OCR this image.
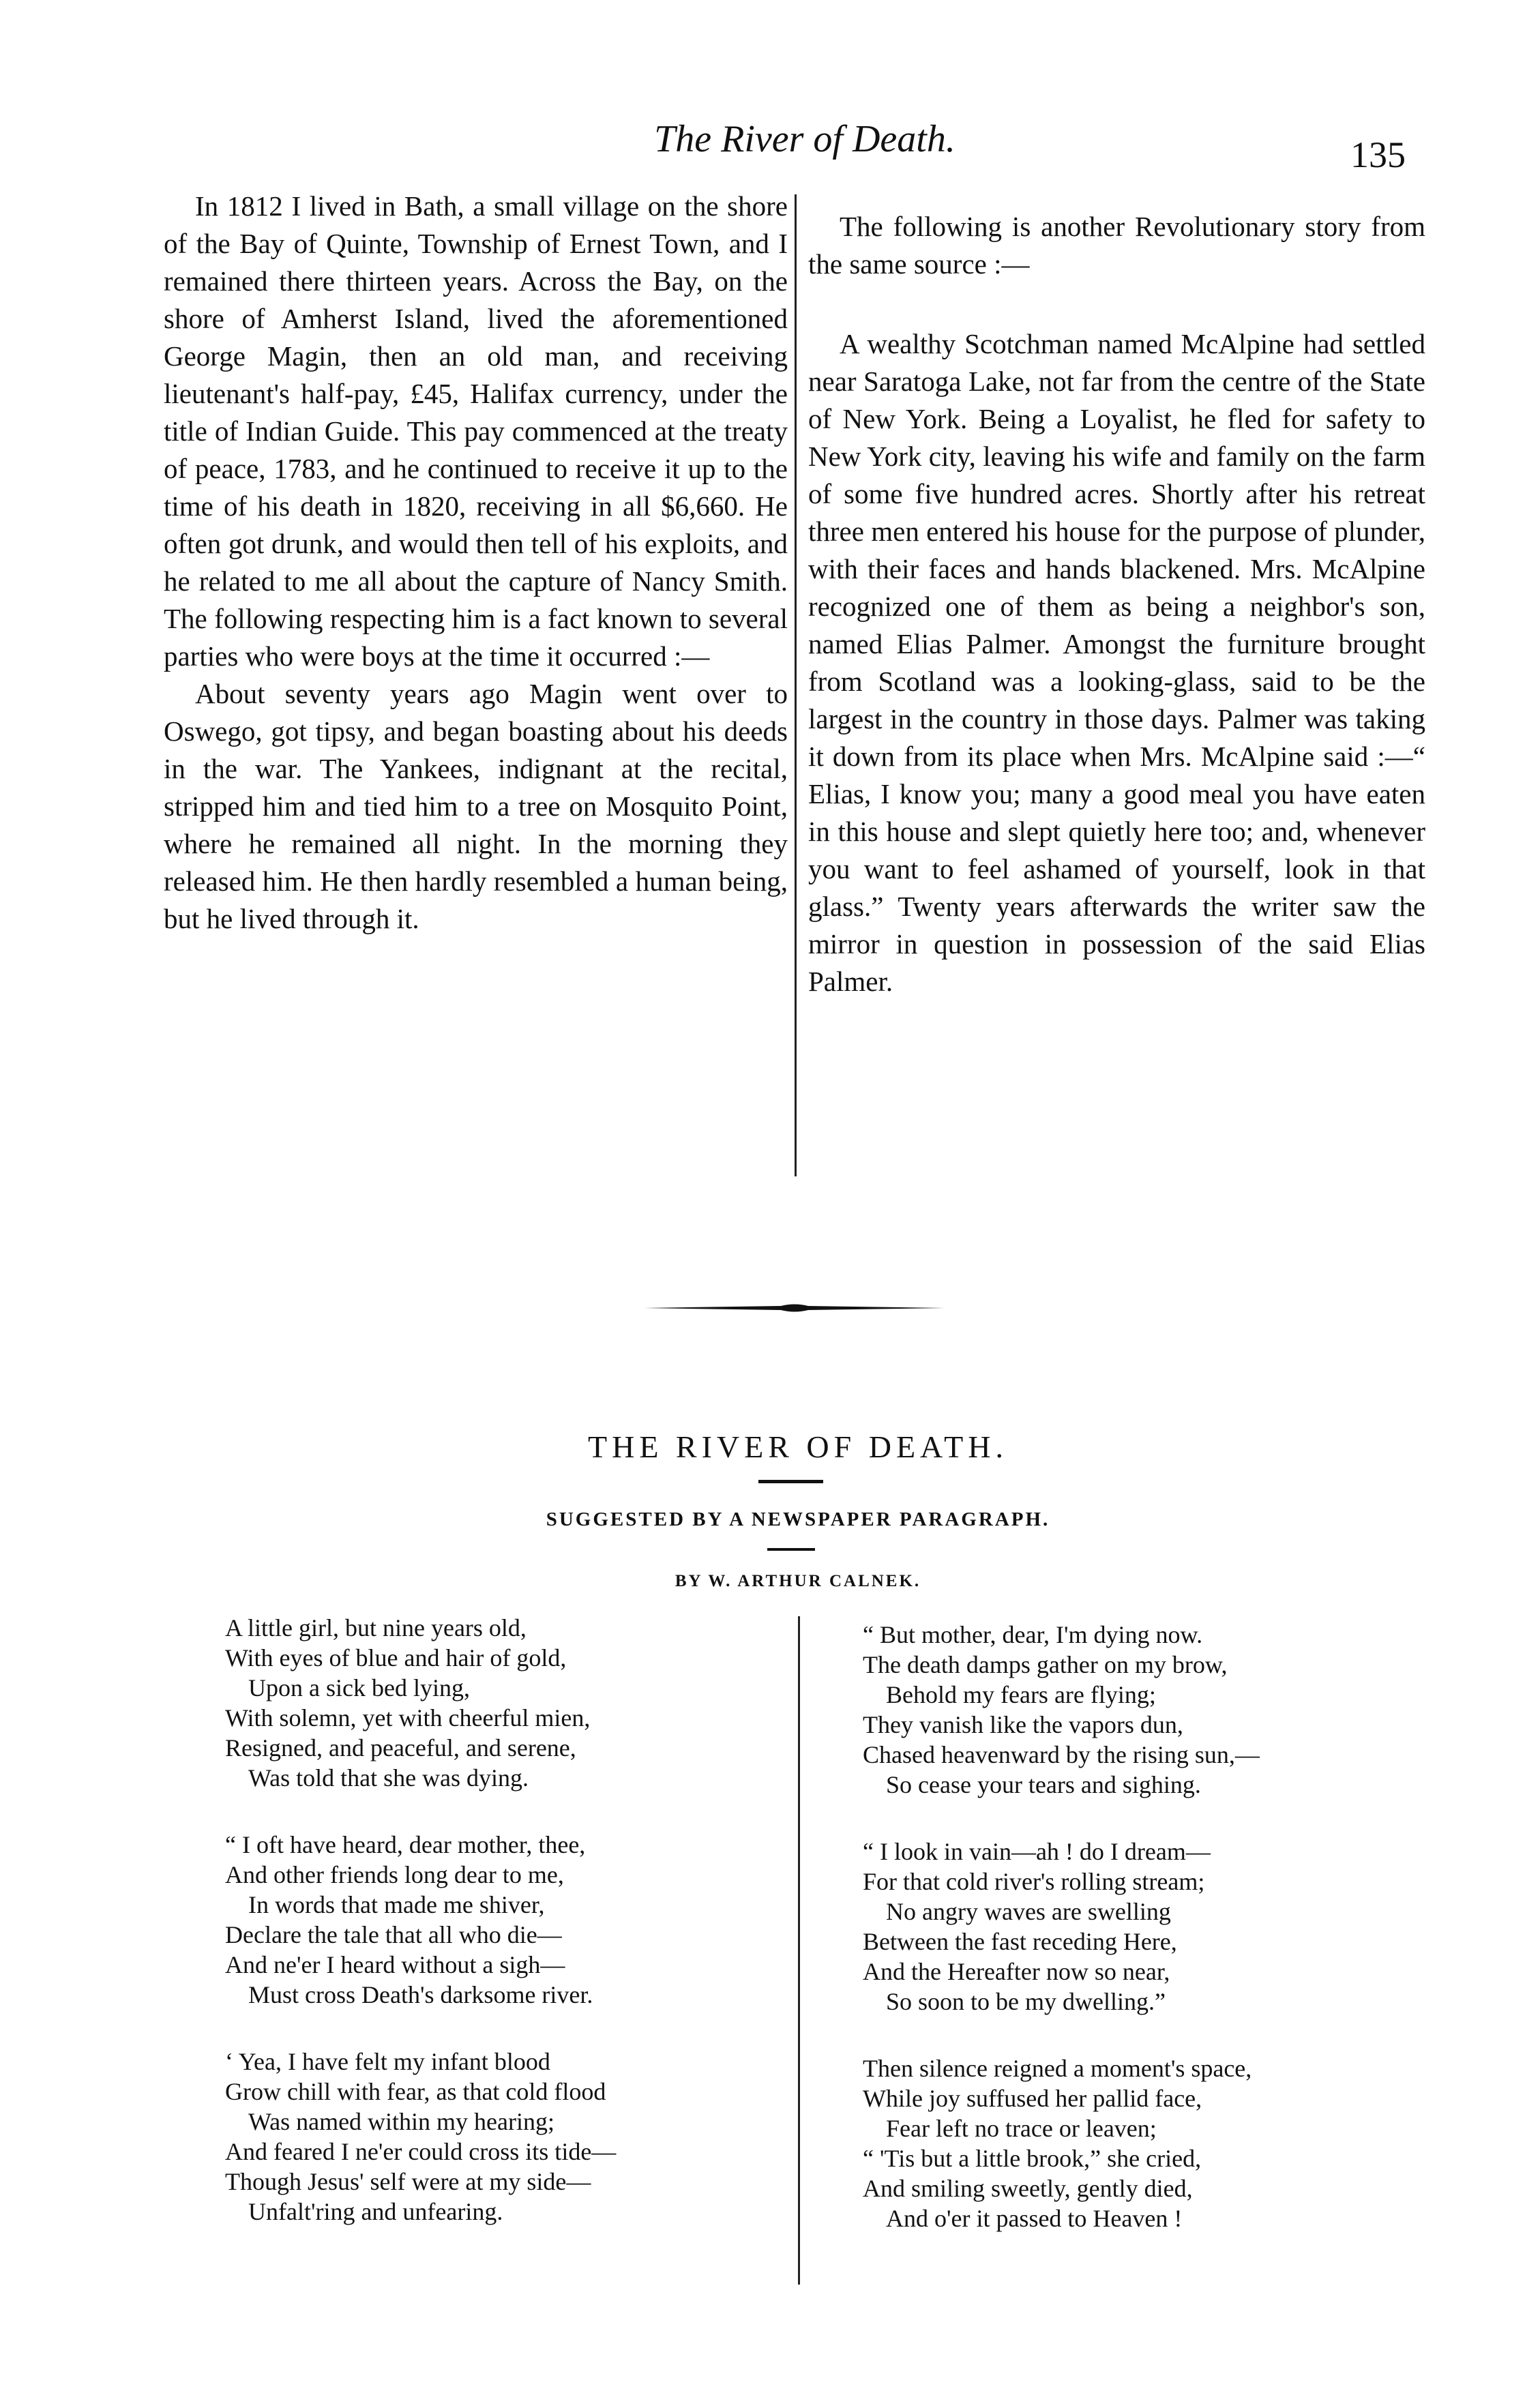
The River of Death.	135

In 1812 I lived in Bath, a small village on the shore of the Bay of Quinte, Township of Ernest Town, and I remained there thirteen years. Across the Bay, on the shore of Amherst Island, lived the aforementioned George Magin, then an old man, and receiving lieutenant's half-pay, £45, Halifax currency, under the title of Indian Guide. This pay commenced at the treaty of peace, 1783, and he continued to receive it up to the time of his death in 1820, receiving in all $6,660. He often got drunk, and would then tell of his exploits, and he related to me all about the capture of Nancy Smith. The following respecting him is a fact known to several parties who were boys at the time it occurred :—

About seventy years ago Magin went over to Oswego, got tipsy, and began boasting about his deeds in the war. The Yankees, indignant at the recital, stripped him and tied him to a tree on Mosquito Point, where he remained all night. In the morning they released him. He then hardly resembled a human being, but he lived through it.

The following is another Revolutionary story from the same source :—

A wealthy Scotchman named McAlpine had settled near Saratoga Lake, not far from the centre of the State of New York. Being a Loyalist, he fled for safety to New York city, leaving his wife and family on the farm of some five hundred acres. Shortly after his retreat three men entered his house for the purpose of plunder, with their faces and hands blackened. Mrs. McAlpine recognized one of them as being a neighbor's son, named Elias Palmer. Amongst the furniture brought from Scotland was a looking-glass, said to be the largest in the country in those days. Palmer was taking it down from its place when Mrs. McAlpine said :—“ Elias, I know you; many a good meal you have eaten in this house and slept quietly here too; and, whenever you want to feel ashamed of yourself, look in that glass.” Twenty years afterwards the writer saw the mirror in question in possession of the said Elias Palmer.

THE RIVER OF DEATH.
SUGGESTED BY A NEWSPAPER PARAGRAPH.
BY W. ARTHUR CALNEK.
A little girl, but nine years old,
With eyes of blue and hair of gold,
Upon a sick bed lying,
With solemn, yet with cheerful mien,
Resigned, and peaceful, and serene,
Was told that she was dying.
“ I oft have heard, dear mother, thee,
And other friends long dear to me,
In words that made me shiver,
Declare the tale that all who die—
And ne'er I heard without a sigh—
Must cross Death's darksome river.
‘ Yea, I have felt my infant blood
Grow chill with fear, as that cold flood
Was named within my hearing;
And feared I ne'er could cross its tide—
Though Jesus' self were at my side—
Unfalt'ring and unfearing.
“ But mother, dear, I'm dying now.
The death damps gather on my brow,
Behold my fears are flying;
They vanish like the vapors dun,
Chased heavenward by the rising sun,—
So cease your tears and sighing.
“ I look in vain—ah ! do I dream—
For that cold river's rolling stream;
No angry waves are swelling
Between the fast receding Here,
And the Hereafter now so near,
So soon to be my dwelling.”
Then silence reigned a moment's space,
While joy suffused her pallid face,
Fear left no trace or leaven;
“ 'Tis but a little brook,” she cried,
And smiling sweetly, gently died,
And o'er it passed to Heaven !
